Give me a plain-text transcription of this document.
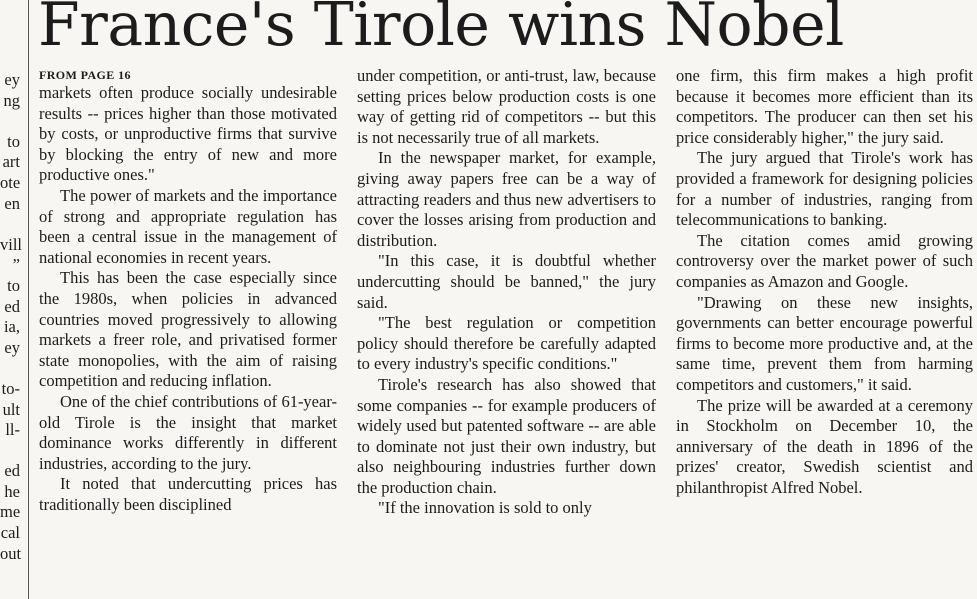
France's Tirole wins Nobel
ey
ng
to
art
ote
en
vill
”
to
ed
ia,
ey
to-
ult
ll-
ed
he
me
cal
out
FROM PAGE 16

markets often produce socially undesirable results -- prices higher than those motivated by costs, or unproductive firms that survive by blocking the entry of new and more productive ones."

The power of markets and the importance of strong and appropriate regulation has been a central issue in the management of national economies in recent years.

This has been the case especially since the 1980s, when policies in advanced countries moved progressively to allowing markets a freer role, and privatised former state monopolies, with the aim of raising competition and reducing inflation.

One of the chief contributions of 61-year-old Tirole is the insight that market dominance works differently in different industries, according to the jury.

It noted that undercutting prices has traditionally been disciplined

under competition, or anti-trust, law, because setting prices below production costs is one way of getting rid of competitors -- but this is not necessarily true of all markets.

In the newspaper market, for example, giving away papers free can be a way of attracting readers and thus new advertisers to cover the losses arising from production and distribution.

"In this case, it is doubtful whether undercutting should be banned," the jury said.

"The best regulation or competition policy should therefore be carefully adapted to every industry's specific conditions."

Tirole's research has also showed that some companies -- for example producers of widely used but patented software -- are able to dominate not just their own industry, but also neighbouring industries further down the production chain.

"If the innovation is sold to only

one firm, this firm makes a high profit because it becomes more efficient than its competitors. The producer can then set his price considerably higher," the jury said.

The jury argued that Tirole's work has provided a framework for designing policies for a number of industries, ranging from telecommunications to banking.

The citation comes amid growing controversy over the market power of such companies as Amazon and Google.

"Drawing on these new insights, governments can better encourage powerful firms to become more productive and, at the same time, prevent them from harming competitors and customers," it said.

The prize will be awarded at a ceremony in Stockholm on December 10, the anniversary of the death in 1896 of the prizes' creator, Swedish scientist and philanthropist Alfred Nobel.
